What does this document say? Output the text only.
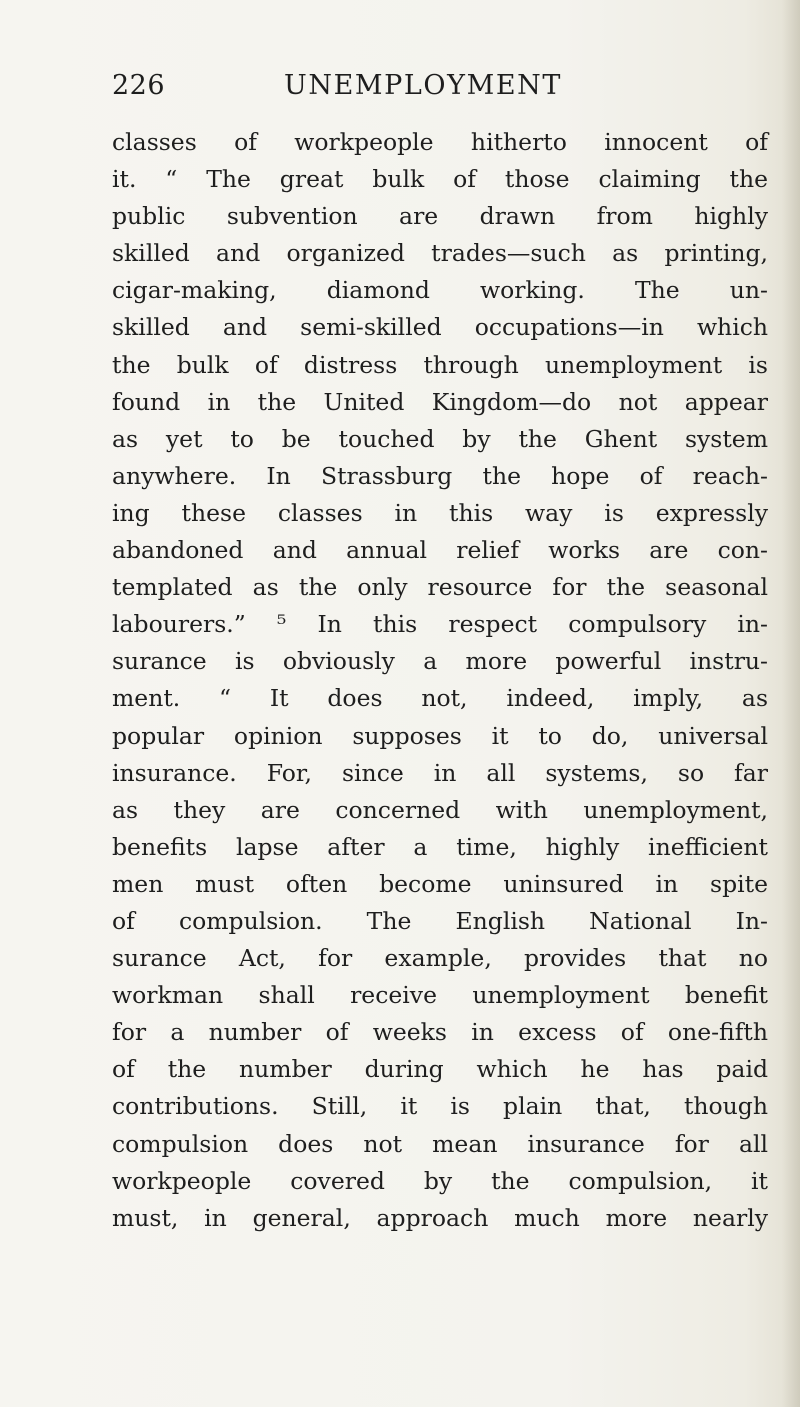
226	UNEMPLOYMENT
classes of workpeople hitherto innocent of
it. “ The great bulk of those claiming the
public subvention are drawn from highly
skilled and organized trades—such as printing,
cigar-making, diamond working. The un-
skilled and semi-skilled occupations—in which
the bulk of distress through unemployment is
found in the United Kingdom—do not appear
as yet to be touched by the Ghent system
anywhere. In Strassburg the hope of reach-
ing these classes in this way is expressly
abandoned and annual relief works are con-
templated as the only resource for the seasonal
labourers.” ⁵ In this respect compulsory in-
surance is obviously a more powerful instru-
ment. “ It does not, indeed, imply, as
popular opinion supposes it to do, universal
insurance. For, since in all systems, so far
as they are concerned with unemployment,
benefits lapse after a time, highly inefficient
men must often become uninsured in spite
of compulsion. The English National In-
surance Act, for example, provides that no
workman shall receive unemployment benefit
for a number of weeks in excess of one-fifth
of the number during which he has paid
contributions. Still, it is plain that, though
compulsion does not mean insurance for all
workpeople covered by the compulsion, it
must, in general, approach much more nearly
